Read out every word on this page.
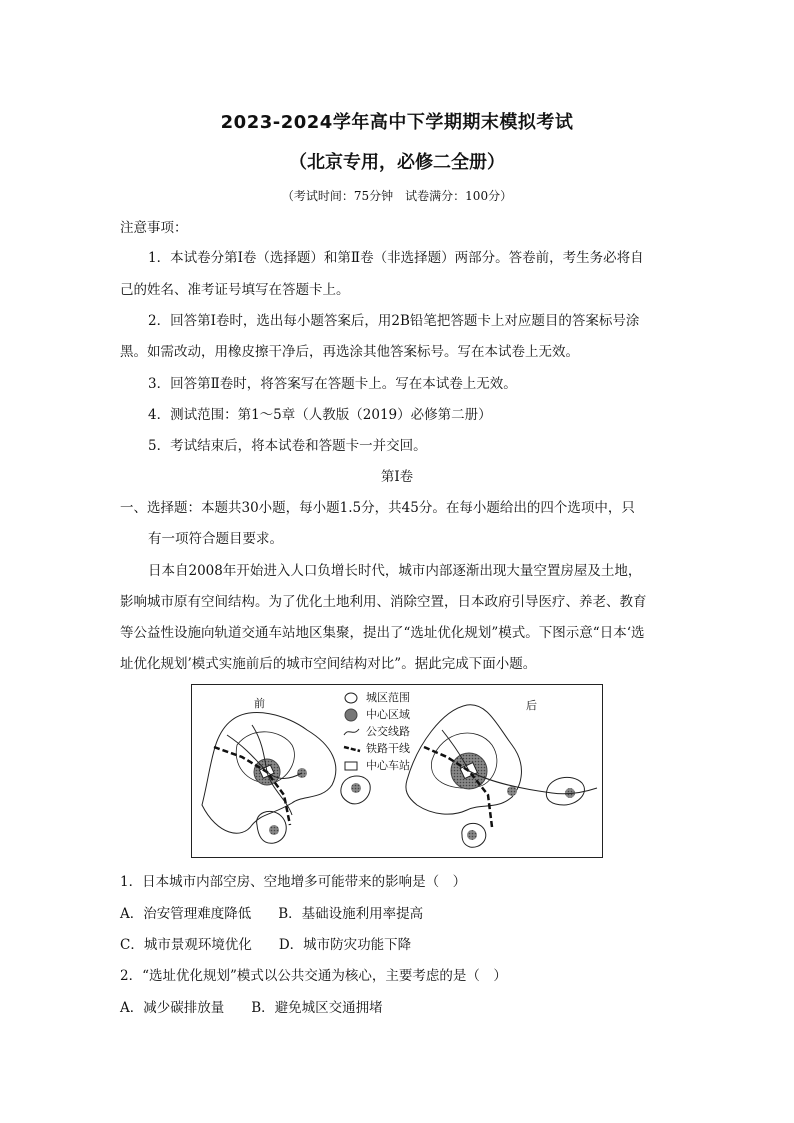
2023-2024学年高中下学期期末模拟考试
（北京专用，必修二全册）
（考试时间：75分钟　试卷满分：100分）
注意事项：
1．本试卷分第Ⅰ卷（选择题）和第Ⅱ卷（非选择题）两部分。答卷前，考生务必将自
己的姓名、准考证号填写在答题卡上。
2．回答第Ⅰ卷时，选出每小题答案后，用2B铅笔把答题卡上对应题目的答案标号涂
黑。如需改动，用橡皮擦干净后，再选涂其他答案标号。写在本试卷上无效。
3．回答第Ⅱ卷时，将答案写在答题卡上。写在本试卷上无效。
4．测试范围：第1～5章（人教版（2019）必修第二册）
5．考试结束后，将本试卷和答题卡一并交回。
第Ⅰ卷
一、选择题：本题共30小题，每小题1.5分，共45分。在每小题给出的四个选项中，只
有一项符合题目要求。
日本自2008年开始进入人口负增长时代，城市内部逐渐出现大量空置房屋及土地，
影响城市原有空间结构。为了优化土地利用、消除空置，日本政府引导医疗、养老、教育
等公益性设施向轨道交通车站地区集聚，提出了“选址优化规划”模式。下图示意“日本‘选
址优化规划’模式实施前后的城市空间结构对比”。据此完成下面小题。
前	后
城区范围
中心区域
公交线路
铁路干线
中心车站
1．日本城市内部空房、空地增多可能带来的影响是（　）
A．治安管理难度降低　　B．基础设施利用率提高
C．城市景观环境优化　　D．城市防灾功能下降
2．“选址优化规划”模式以公共交通为核心，主要考虑的是（　）
A．减少碳排放量　　B．避免城区交通拥堵
